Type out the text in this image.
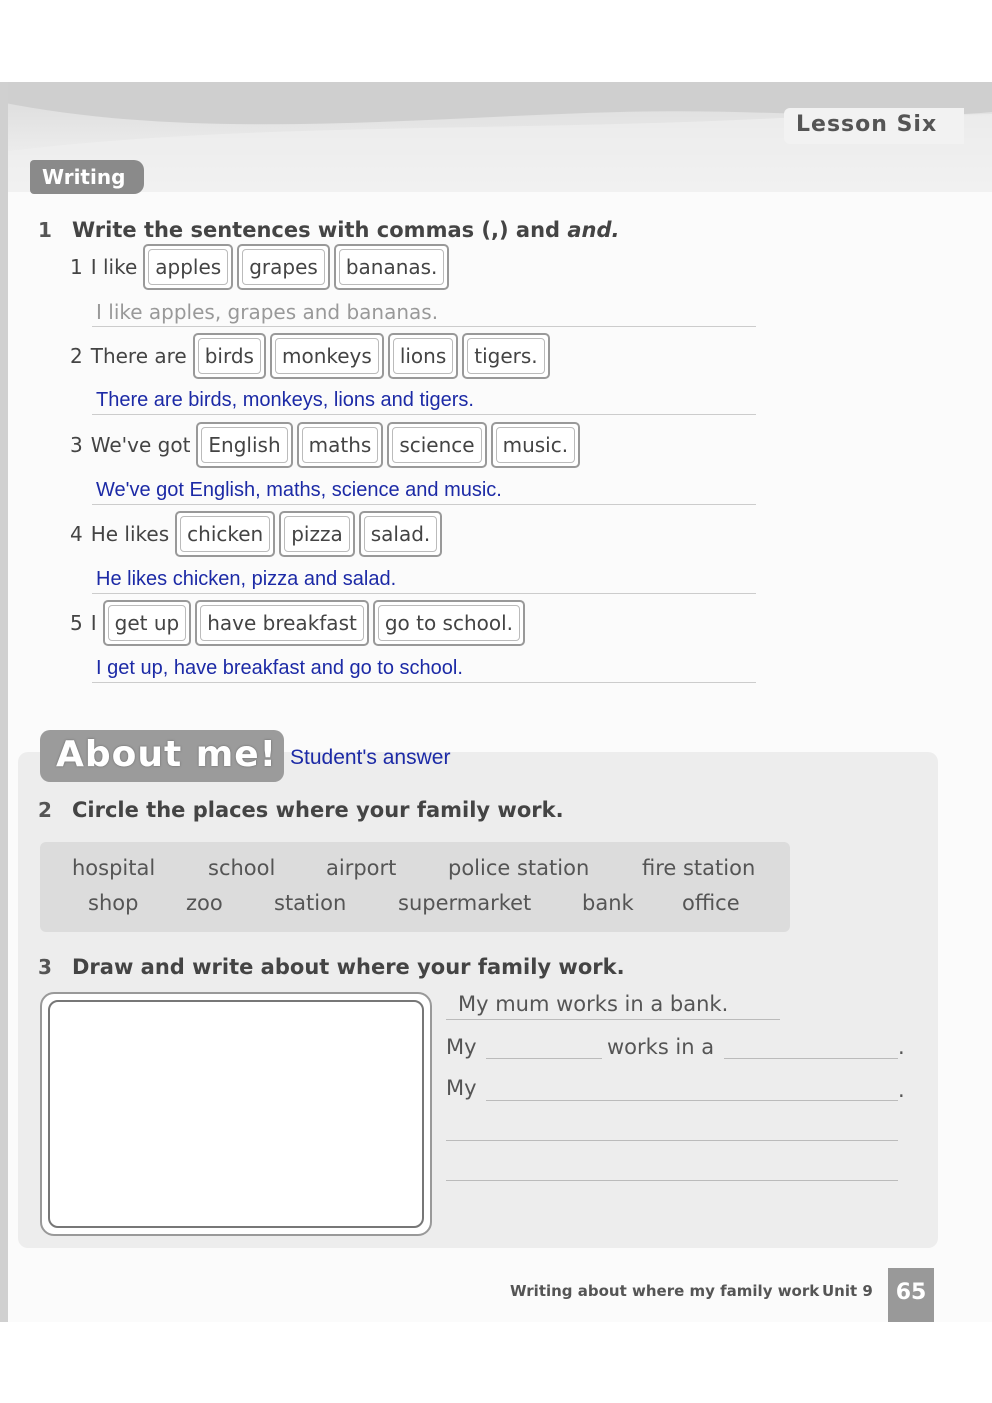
Lesson Six
Writing
1 Write the sentences with commas (,) and and.
1 I like apples	grapes	bananas.
I like apples, grapes and bananas.
2 There are birds	monkeys	lions	tigers.
There are birds, monkeys, lions and tigers.
3 We've got English	maths	science	music.
We've got English, maths, science and music.
4 He likes chicken	pizza	salad.
He likes chicken, pizza and salad.
5 I get up	have breakfast	go to school.
I get up, have breakfast and go to school.
About me! Student's answer
2 Circle the places where your family work.
hospital	school airport police station	fire station
shop zoo station supermarket bank office
3 Draw and write about where your family work.
My mum works in a bank.
My	works in a	.
My	.
Writing about where my family work Unit 9	65
